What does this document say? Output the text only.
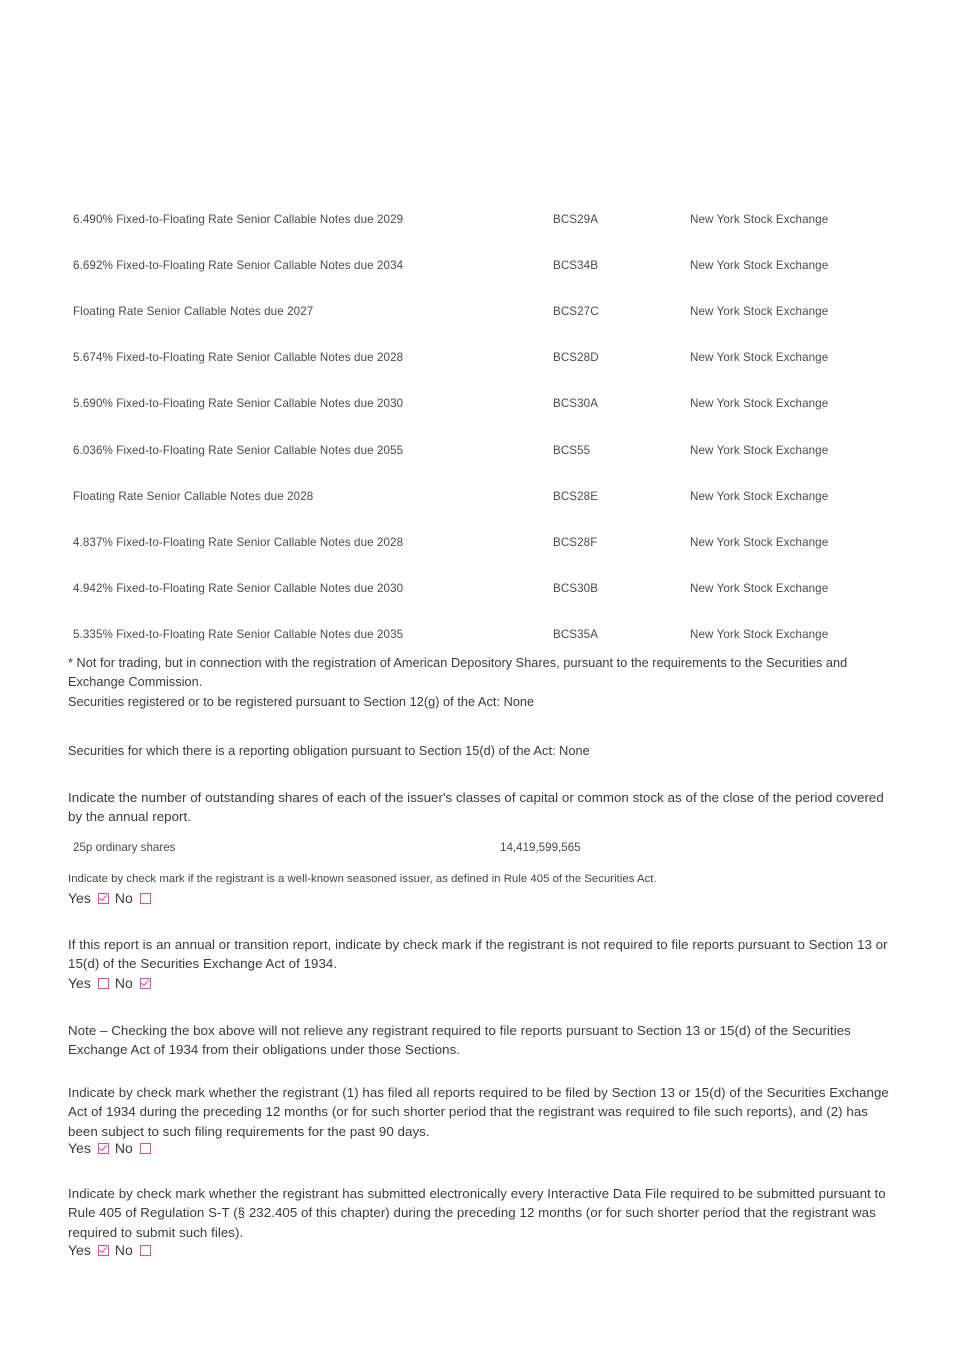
6.490% Fixed-to-Floating Rate Senior Callable Notes due 2029	BCS29A	New York Stock Exchange
6.692% Fixed-to-Floating Rate Senior Callable Notes due 2034	BCS34B	New York Stock Exchange
Floating Rate Senior Callable Notes due 2027	BCS27C	New York Stock Exchange
5.674% Fixed-to-Floating Rate Senior Callable Notes due 2028	BCS28D	New York Stock Exchange
5.690% Fixed-to-Floating Rate Senior Callable Notes due 2030	BCS30A	New York Stock Exchange
6.036% Fixed-to-Floating Rate Senior Callable Notes due 2055	BCS55	New York Stock Exchange
Floating Rate Senior Callable Notes due 2028	BCS28E	New York Stock Exchange
4.837% Fixed-to-Floating Rate Senior Callable Notes due 2028	BCS28F	New York Stock Exchange
4.942% Fixed-to-Floating Rate Senior Callable Notes due 2030	BCS30B	New York Stock Exchange
5.335% Fixed-to-Floating Rate Senior Callable Notes due 2035	BCS35A	New York Stock Exchange
* Not for trading, but in connection with the registration of American Depository Shares, pursuant to the requirements to the Securities and Exchange Commission.
Securities registered or to be registered pursuant to Section 12(g) of the Act: None
Securities for which there is a reporting obligation pursuant to Section 15(d) of the Act: None
Indicate the number of outstanding shares of each of the issuer's classes of capital or common stock as of the close of the period covered by the annual report.
25p ordinary shares	14,419,599,565
Indicate by check mark if the registrant is a well-known seasoned issuer, as defined in Rule 405 of the Securities Act.
Yes No
If this report is an annual or transition report, indicate by check mark if the registrant is not required to file reports pursuant to Section 13 or 15(d) of the Securities Exchange Act of 1934.
Yes No
Note – Checking the box above will not relieve any registrant required to file reports pursuant to Section 13 or 15(d) of the Securities Exchange Act of 1934 from their obligations under those Sections.
Indicate by check mark whether the registrant (1) has filed all reports required to be filed by Section 13 or 15(d) of the Securities Exchange Act of 1934 during the preceding 12 months (or for such shorter period that the registrant was required to file such reports), and (2) has been subject to such filing requirements for the past 90 days.
Yes No
Indicate by check mark whether the registrant has submitted electronically every Interactive Data File required to be submitted pursuant to Rule 405 of Regulation S-T (§ 232.405 of this chapter) during the preceding 12 months (or for such shorter period that the registrant was required to submit such files).
Yes No
